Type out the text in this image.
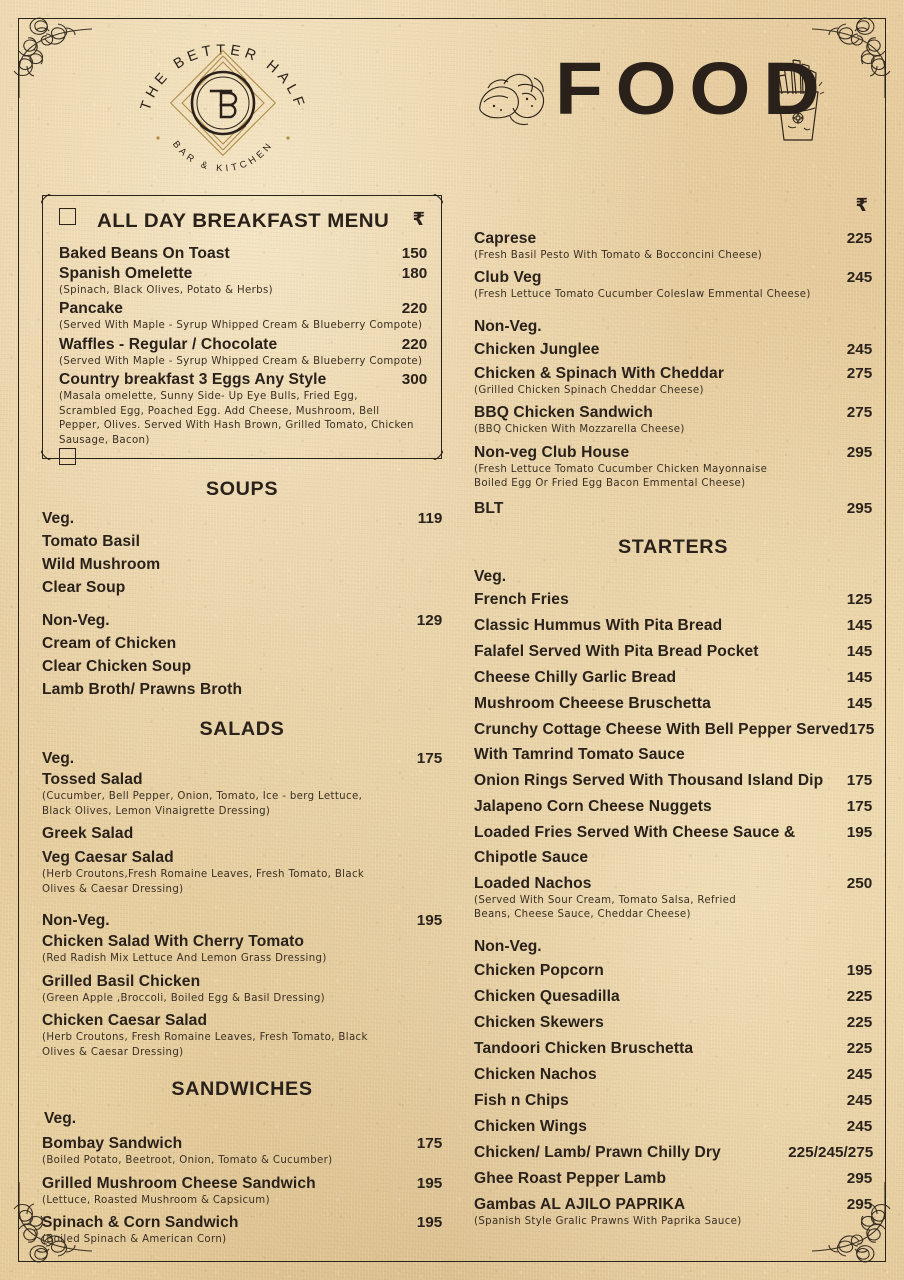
THE BETTER HALF
BAR & KITCHEN
FOOD
ALL DAY BREAKFAST MENU ₹
Baked Beans On Toast	150
Spanish Omelette	180
(Spinach, Black Olives, Potato & Herbs)
Pancake	220
(Served With Maple - Syrup Whipped Cream & Blueberry Compote)
Waffles - Regular / Chocolate	220
(Served With Maple - Syrup Whipped Cream & Blueberry Compote)
Country breakfast 3 Eggs Any Style	300
(Masala omelette, Sunny Side- Up Eye Bulls, Fried Egg, Scrambled Egg, Poached Egg. Add Cheese, Mushroom, Bell Pepper, Olives. Served With Hash Brown, Grilled Tomato, Chicken Sausage, Bacon)
SOUPS
Veg.	119
Tomato Basil
Wild Mushroom
Clear Soup
Non-Veg.	129
Cream of Chicken
Clear Chicken Soup
Lamb Broth/ Prawns Broth
SALADS
Veg.	175
Tossed Salad
(Cucumber, Bell Pepper, Onion, Tomato, Ice - berg Lettuce, Black Olives, Lemon Vinaigrette Dressing)
Greek Salad
Veg Caesar Salad
(Herb Croutons,Fresh Romaine Leaves, Fresh Tomato, Black Olives & Caesar Dressing)
Non-Veg.	195
Chicken Salad With Cherry Tomato
(Red Radish Mix Lettuce And Lemon Grass Dressing)
Grilled Basil Chicken
(Green Apple ,Broccoli, Boiled Egg & Basil Dressing)
Chicken Caesar Salad
(Herb Croutons, Fresh Romaine Leaves, Fresh Tomato, Black Olives & Caesar Dressing)
SANDWICHES
Veg.
Bombay Sandwich	175
(Boiled Potato, Beetroot, Onion, Tomato & Cucumber)
Grilled Mushroom Cheese Sandwich	195
(Lettuce, Roasted Mushroom & Capsicum)
Spinach & Corn Sandwich	195
(Boiled Spinach & American Corn)
₹
Caprese	225
(Fresh Basil Pesto With Tomato & Bocconcini Cheese)
Club Veg	245
(Fresh Lettuce Tomato Cucumber Coleslaw Emmental Cheese)
Non-Veg.
Chicken Junglee	245
Chicken & Spinach With Cheddar	275
(Grilled Chicken Spinach Cheddar Cheese)
BBQ Chicken Sandwich	275
(BBQ Chicken With Mozzarella Cheese)
Non-veg Club House	295
(Fresh Lettuce Tomato Cucumber Chicken Mayonnaise Boiled Egg Or Fried Egg Bacon Emmental Cheese)
BLT	295
STARTERS
Veg.
French Fries	125
Classic Hummus With Pita Bread	145
Falafel Served With Pita Bread Pocket	145
Cheese Chilly Garlic Bread	145
Mushroom Cheeese Bruschetta	145
Crunchy Cottage Cheese With Bell Pepper Served 175
With Tamrind Tomato Sauce
Onion Rings Served With Thousand Island Dip 175
Jalapeno Corn Cheese Nuggets	175
Loaded Fries Served With Cheese Sauce &	195
Chipotle Sauce
Loaded Nachos	250
(Served With Sour Cream, Tomato Salsa, Refried Beans, Cheese Sauce, Cheddar Cheese)
Non-Veg.
Chicken Popcorn	195
Chicken Quesadilla	225
Chicken Skewers	225
Tandoori Chicken Bruschetta	225
Chicken Nachos	245
Fish n Chips	245
Chicken Wings	245
Chicken/ Lamb/ Prawn Chilly Dry	225/245/275
Ghee Roast Pepper Lamb	295
Gambas AL AJILO PAPRIKA	295
(Spanish Style Gralic Prawns With Paprika Sauce)
